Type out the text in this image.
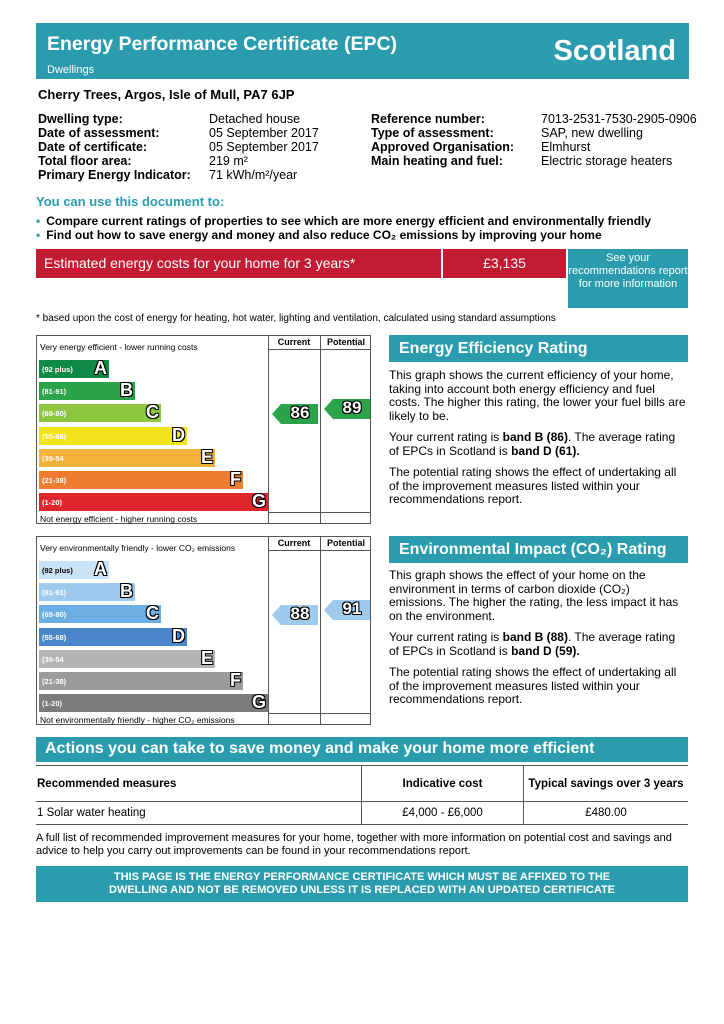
Energy Performance Certificate (EPC)
Dwellings
Scotland
Cherry Trees, Argos, Isle of Mull, PA7 6JP
Dwelling type:	Detached house
Date of assessment:	05 September 2017
Date of certificate:	05 September 2017
Total floor area:	219 m²
Primary Energy Indicator: 71 kWh/m²/year
Reference number:	7013-2531-7530-2905-0906
Type of assessment:	SAP, new dwelling
Approved Organisation: Elmhurst
Main heating and fuel:	Electric storage heaters
You can use this document to:
• Compare current ratings of properties to see which are more energy efficient and environmentally friendly
• Find out how to save energy and money and also reduce CO₂ emissions by improving your home
Estimated energy costs for your home for 3 years*	£3,135	See your recommendations report for more information
* based upon the cost of energy for heating, hot water, lighting and ventilation, calculated using standard assumptions
Current	Potential
Very energy efficient - lower running costs
Not energy efficient - higher running costs
(92 plus) A
(81-91)	B
(69-80)	C
(55-68)	D
(39-54	E
(21-38)	F
(1-20)	G
86	89
Current	Potential
Very environmentally friendly - lower CO₂ emissions
Not environmentally friendly - higher CO₂ emissions
(92 plus) A
(81-91)	B
(69-80)	C
(55-68)	D
(39-54	E
(21-38)	F
(1-20)	G
88	91
Energy Efficiency Rating

This graph shows the current efficiency of your home, taking into account both energy efficiency and fuel costs. The higher this rating, the lower your fuel bills are likely to be.

Your current rating is band B (86). The average rating of EPCs in Scotland is band D (61).

The potential rating shows the effect of undertaking all of the improvement measures listed within your recommendations report.

Environmental Impact (CO₂) Rating

This graph shows the effect of your home on the environment in terms of carbon dioxide (CO₂) emissions. The higher the rating, the less impact it has on the environment.

Your current rating is band B (88). The average rating of EPCs in Scotland is band D (59).

The potential rating shows the effect of undertaking all of the improvement measures listed within your recommendations report.

Actions you can take to save money and make your home more efficient
Recommended measures	Indicative cost	Typical savings over 3 years
1 Solar water heating	£4,000 - £6,000	£480.00
A full list of recommended improvement measures for your home, together with more information on potential cost and savings and advice to help you carry out improvements can be found in your recommendations report.
THIS PAGE IS THE ENERGY PERFORMANCE CERTIFICATE WHICH MUST BE AFFIXED TO THE
DWELLING AND NOT BE REMOVED UNLESS IT IS REPLACED WITH AN UPDATED CERTIFICATE
